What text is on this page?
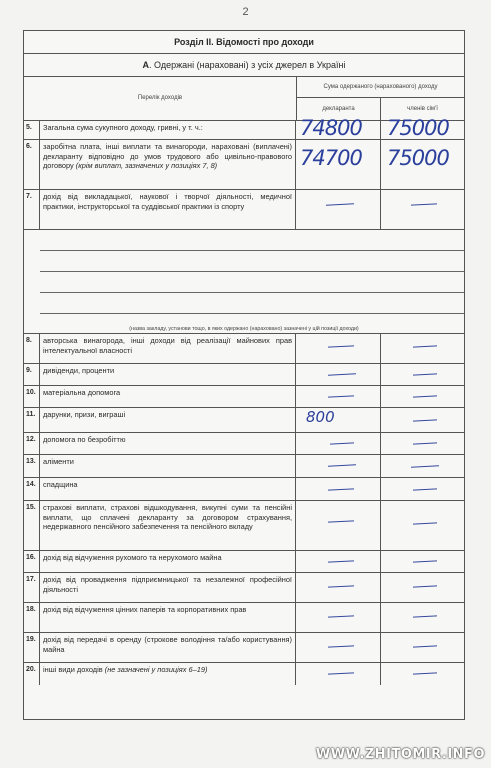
2
Розділ ІІ. Відомості про доходи
А. Одержані (нараховані) з усіх джерел в Україні
Перелік доходів
Сума одержаного (нарахованого) доходу
декларанта	членів сім'ї
5.	Загальна сума сукупного доходу, гривні, у т. ч.:	74800 75000
6.	заробітна плата, інші виплати та винагороди, нараховані (виплачені) декларанту відповідно до умов трудового або цивільно-правового договору (крім виплат, зазначених у позиціях 7, 8)	74700 75000
7.	дохід від викладацької, наукової і творчої діяльності, медичної практики, інструкторської та суддівської практики із спорту
(назва закладу, установи тощо, в яких одержано (нараховано) зазначені у цій позиції доходи)
8.	авторська винагорода, інші доходи від реалізації майнових прав інтелектуальної власності
9.	дивіденди, проценти
10. матеріальна допомога
11.	дарунки, призи, виграші	800
12. допомога по безробіттю
13. аліменти
14. спадщина
15. страхові виплати, страхові відшкодування, викупні суми та пенсійні виплати, що сплачені декларанту за договором страхування, недержавного пенсійного забезпечення та пенсійного вкладу
16. дохід від відчуження рухомого та нерухомого майна
17. дохід від провадження підприємницької та незалежної професійної діяльності
18. дохід від відчуження цінних паперів та корпоративних прав
19. дохід від передачі в оренду (строкове володіння та/або користування) майна
20. інші види доходів (не зазначені у позиціях 6–19)
WWW.ZHITOMIR.INFO
